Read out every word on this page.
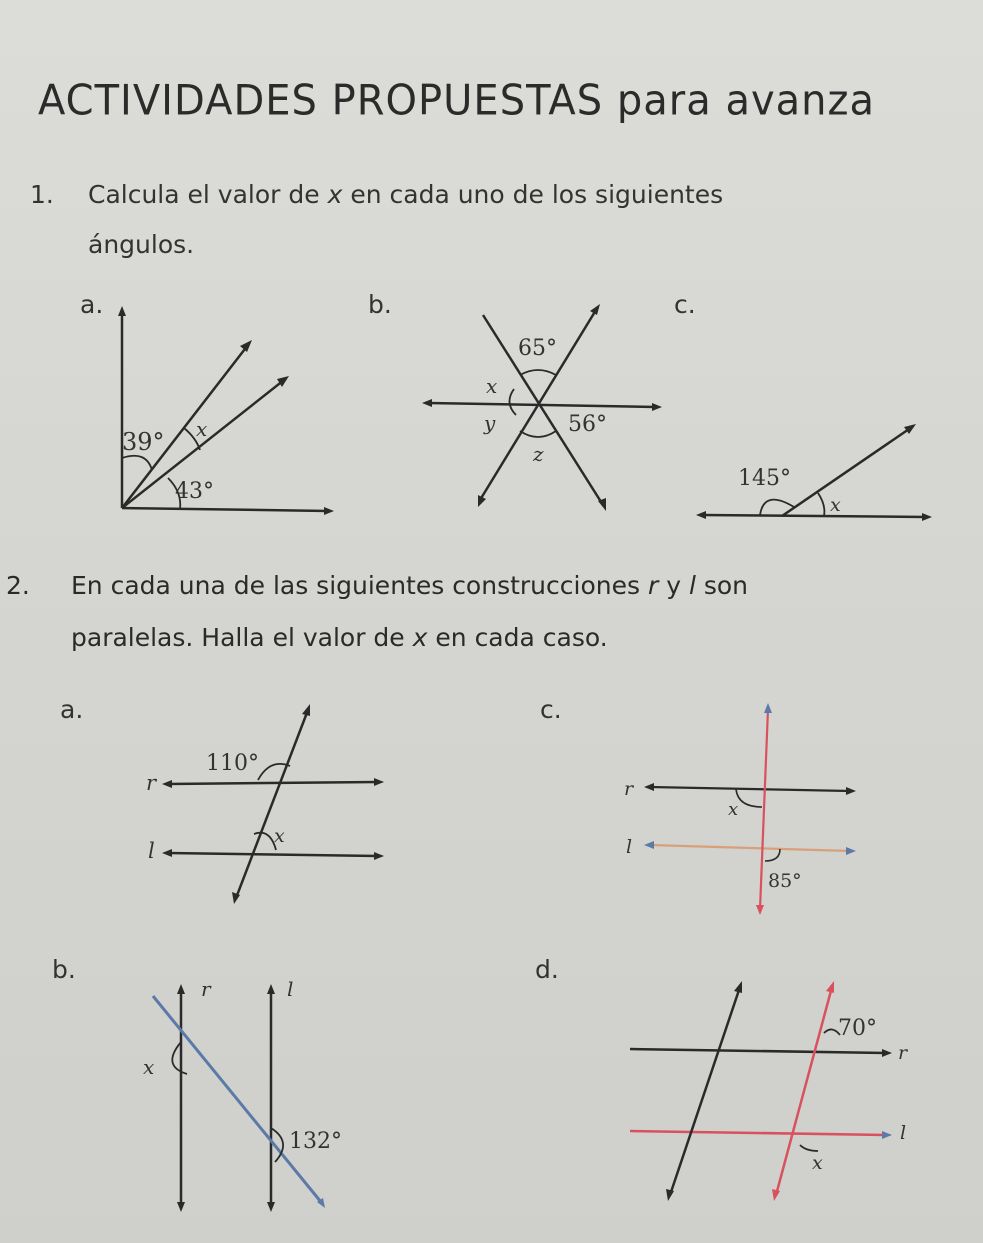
ACTIVIDADES PROPUESTAS para avanza
1. Calcula el valor de x en cada uno de los siguientes
ángulos.
a.	b.	c.
39° x
43°
65°
x
y	56°
z
145°
x
2. En cada una de las siguientes construcciones r y l son
paralelas. Halla el valor de x en cada caso.
a.	c.
b.	d.
r
l
110°
x
r
l
x
85°
r	l
x
132°
70°
r
l
x
